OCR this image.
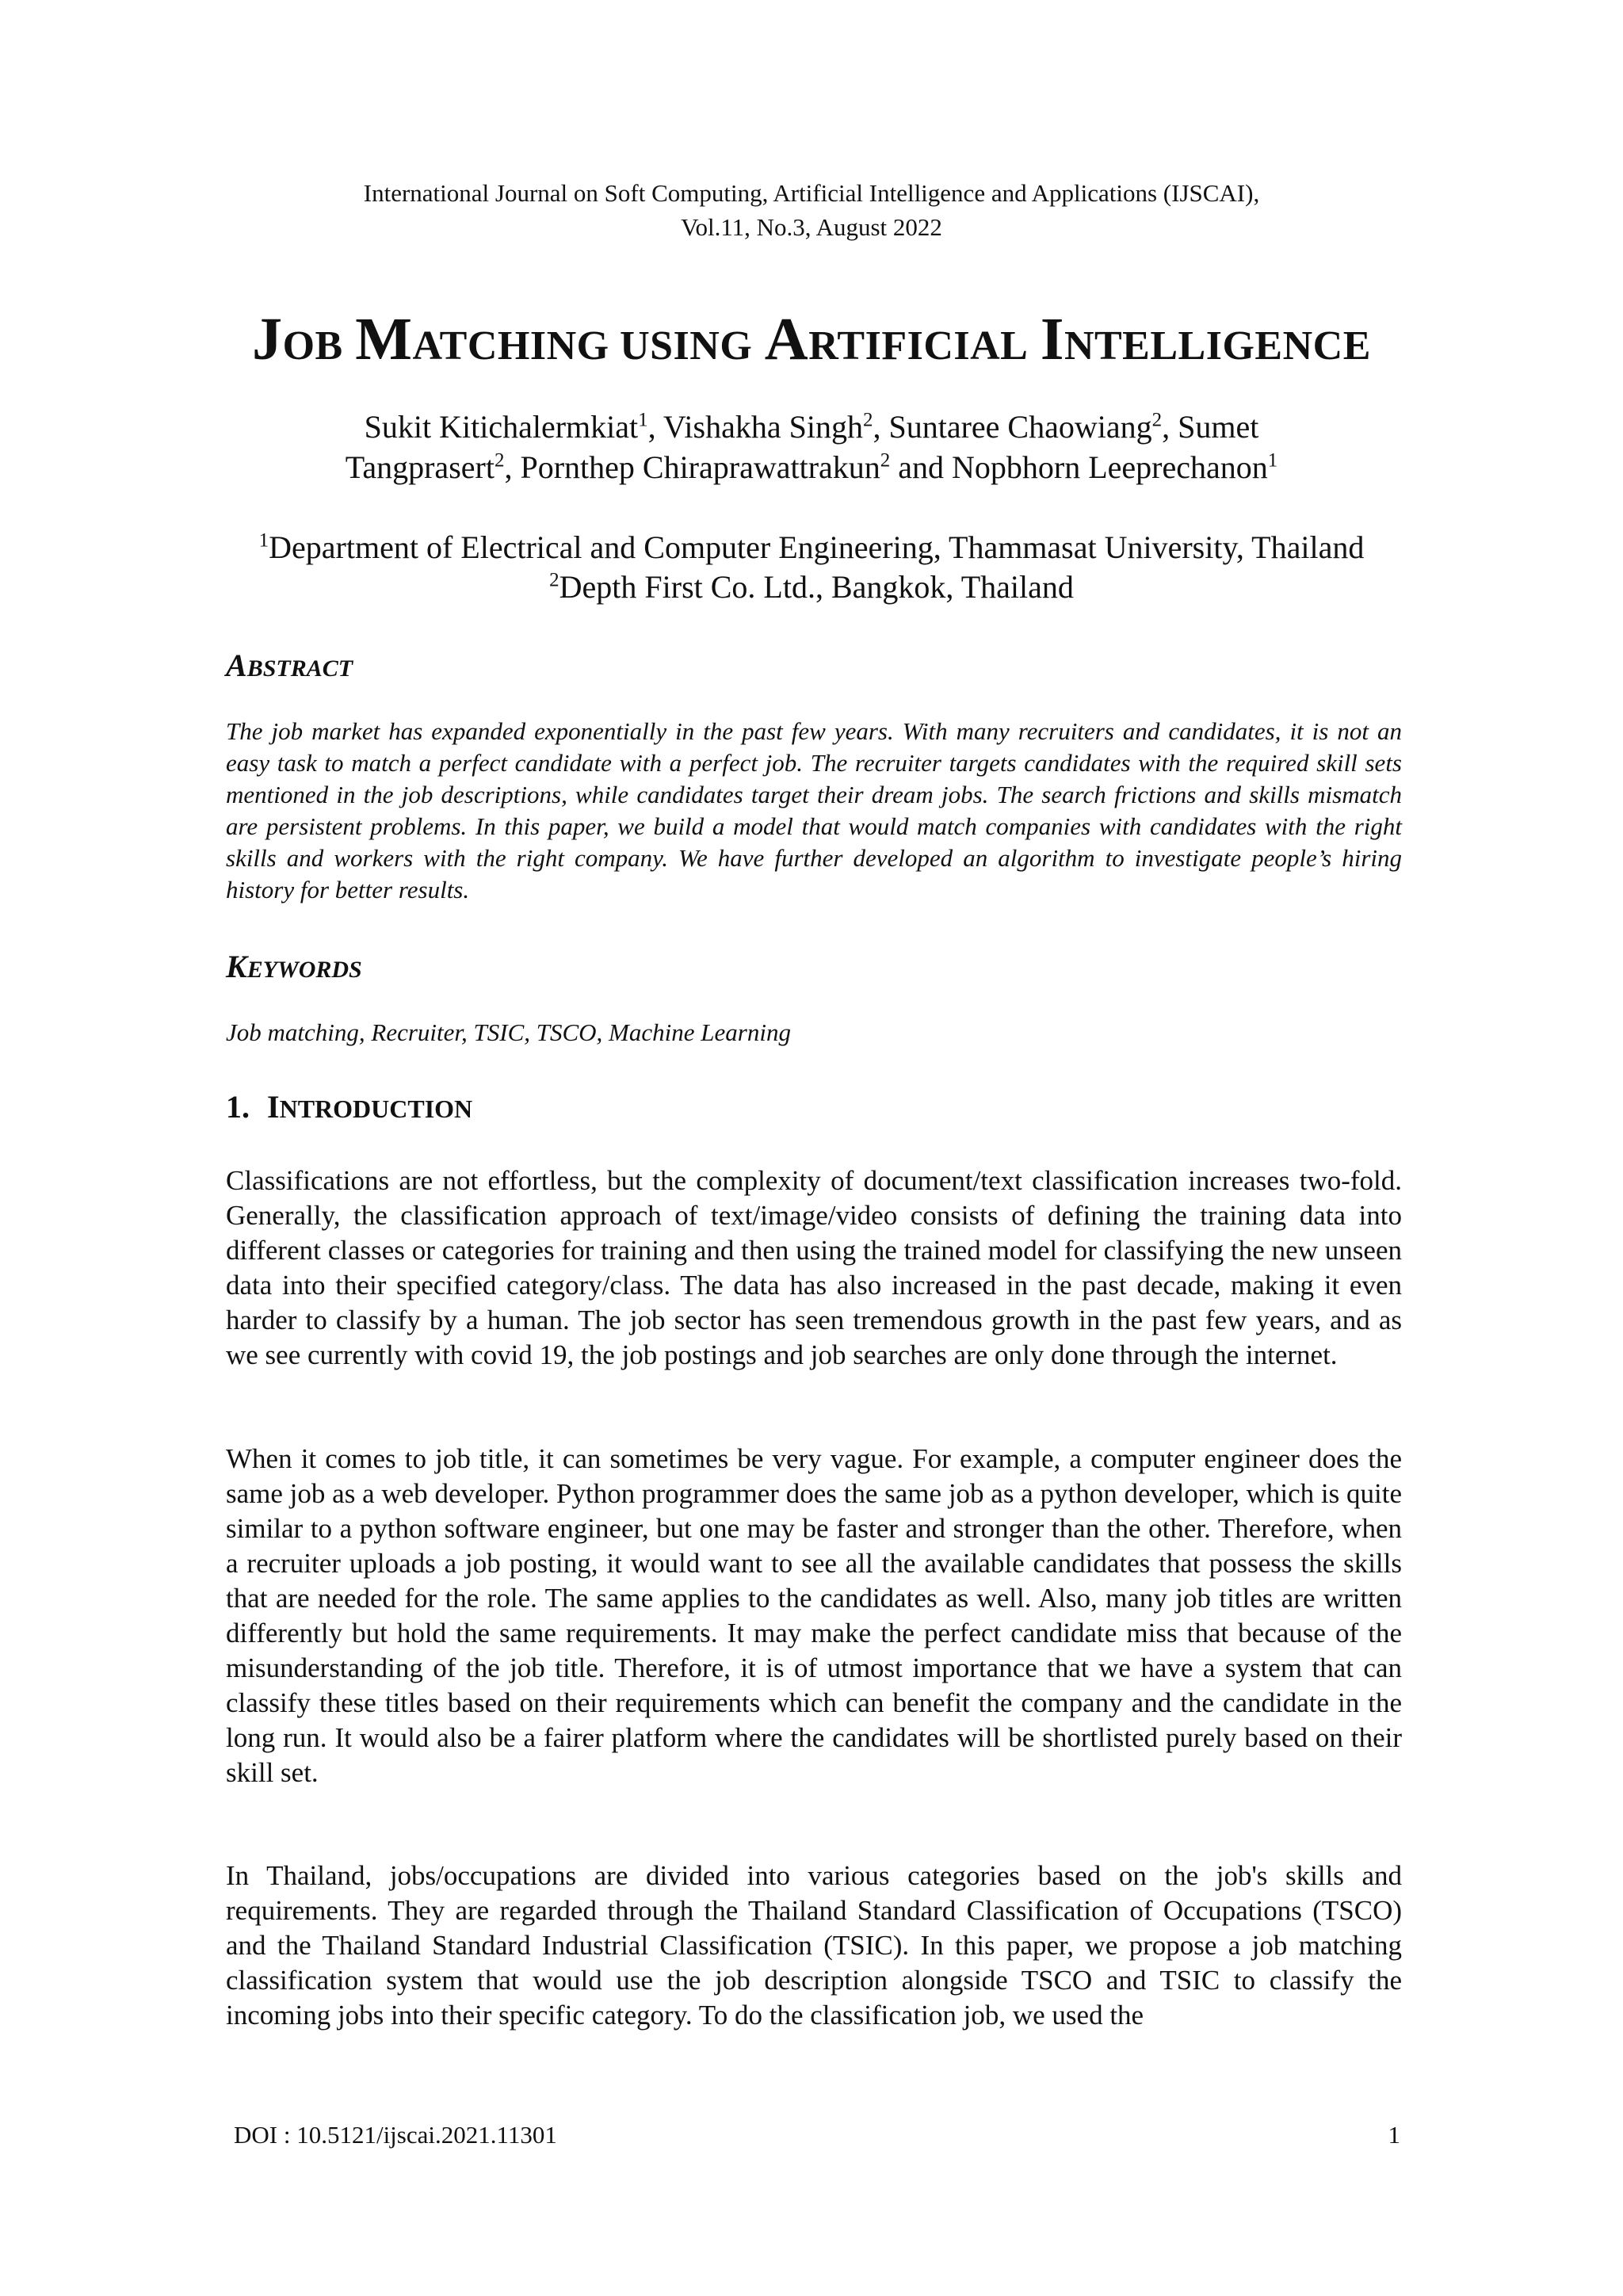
International Journal on Soft Computing, Artificial Intelligence and Applications (IJSCAI),
Vol.11, No.3, August 2022
JOB MATCHING USING ARTIFICIAL INTELLIGENCE
Sukit Kitichalermkiat$^1$, Vishakha Singh$^2$, Suntaree Chaowiang$^2$, Sumet
Tangprasert$^2$, Pornthep Chiraprawattrakun$^2$ and Nopbhorn Leeprechanon$^1$
$^1$Department of Electrical and Computer Engineering, Thammasat University, Thailand
$^2$Depth First Co. Ltd., Bangkok, Thailand
ABSTRACT
The job market has expanded exponentially in the past few years. With many recruiters and candidates, it is not an easy task to match a perfect candidate with a perfect job. The recruiter targets candidates with the required skill sets mentioned in the job descriptions, while candidates target their dream jobs. The search frictions and skills mismatch are persistent problems. In this paper, we build a model that would match companies with candidates with the right skills and workers with the right company. We have further developed an algorithm to investigate people’s hiring history for better results.
KEYWORDS
Job matching, Recruiter, TSIC, TSCO, Machine Learning
1. INTRODUCTION
Classifications are not effortless, but the complexity of document/text classification increases two-fold. Generally, the classification approach of text/image/video consists of defining the training data into different classes or categories for training and then using the trained model for classifying the new unseen data into their specified category/class. The data has also increased in the past decade, making it even harder to classify by a human. The job sector has seen tremendous growth in the past few years, and as we see currently with covid 19, the job postings and job searches are only done through the internet.
When it comes to job title, it can sometimes be very vague. For example, a computer engineer does the same job as a web developer. Python programmer does the same job as a python developer, which is quite similar to a python software engineer, but one may be faster and stronger than the other. Therefore, when a recruiter uploads a job posting, it would want to see all the available candidates that possess the skills that are needed for the role. The same applies to the candidates as well. Also, many job titles are written differently but hold the same requirements. It may make the perfect candidate miss that because of the misunderstanding of the job title. Therefore, it is of utmost importance that we have a system that can classify these titles based on their requirements which can benefit the company and the candidate in the long run. It would also be a fairer platform where the candidates will be shortlisted purely based on their skill set.
In Thailand, jobs/occupations are divided into various categories based on the job's skills and requirements. They are regarded through the Thailand Standard Classification of Occupations (TSCO) and the Thailand Standard Industrial Classification (TSIC). In this paper, we propose a job matching classification system that would use the job description alongside TSCO and TSIC to classify the incoming jobs into their specific category. To do the classification job, we used the
DOI : 10.5121/ijscai.2021.11301	1
